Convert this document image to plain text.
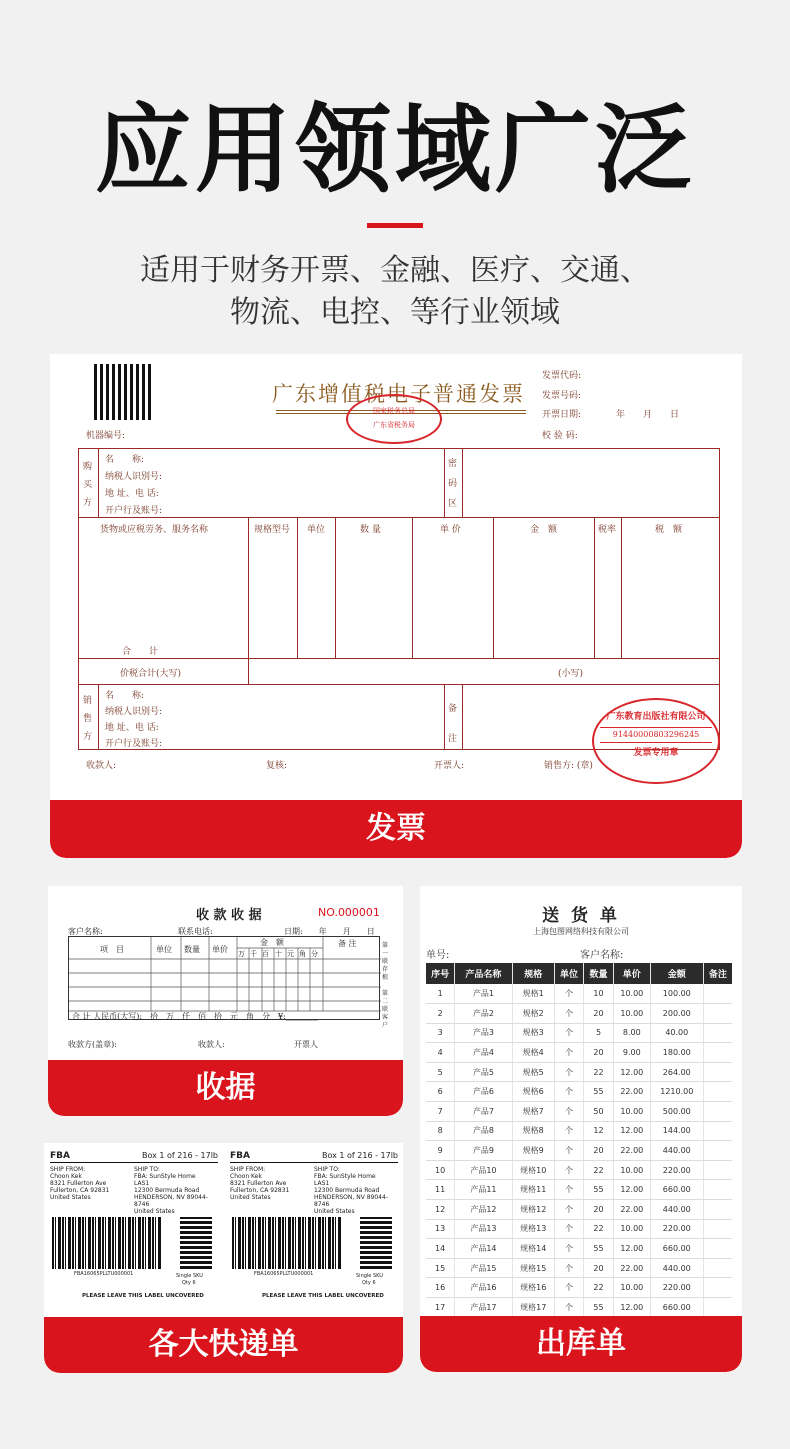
应用领域广泛
适用于财务开票、金融、医疗、交通、
物流、电控、等行业领域
广东增值税电子普通发票
国家税务总局
广东省税务局
机器编号:
发票代码:
发票号码:
开票日期:	年　　月　　日
校 验 码:
购买方
名　　称:
纳税人识别号:
地 址、电 话:
开户行及账号:
密码区
货物或应税劳务、服务名称	规格型号 单位	数 量	单 价	金　额	税率	税　额
合　　计
价税合计(大写)	(小写)
销售方
名　　称:
纳税人识别号:
地 址、电 话:
开户行及账号:
备注
收款人:	复核:	开票人:	销售方: (章)
广东教育出版社有限公司
91440000803296245
发票专用章
发票
收 款 收 据	NO.000001
客户名称:	联系电话:	日期:　　年　　月　　日
项　目	单位 数量 单价
金　额	备 注
万 千 百 十 元 角 分
第一联存根
第二联客户
合 计 人民币(大写):　拾　万　仟　佰　拾　元　角　分　¥:________
收款方(盖章):	收款人:	开票人
收据
FBA	Box 1 of 216 - 17lb
SHIP FROM:
Choon Kek
8321 Fullerton Ave
Fullerton, CA 92831
United States
SHIP TO:
FBA: SunStyle Home
LAS1
12300 Bermuda Road
HENDERSON, NV 89044-8746
United States
FBA16065PLLTU000001	Single SKU
Qty 6
PLEASE LEAVE THIS LABEL UNCOVERED
FBA	Box 1 of 216 - 17lb
SHIP FROM:
Choon Kek
8321 Fullerton Ave
Fullerton, CA 92831
United States
SHIP TO:
FBA: SunStyle Home
LAS1
12300 Bermuda Road
HENDERSON, NV 89044-8746
United States
FBA16065PLLTU000001	Single SKU
Qty 6
PLEASE LEAVE THIS LABEL UNCOVERED
各大快递单
送 货 单
上海包图网络科技有限公司
单号:	客户名称:
序号	产品名称	规格	单位	数量	单价	金额	备注
1	产品1	规格1	个	10	10.00	100.00	
2	产品2	规格2	个	20	10.00	200.00	
3	产品3	规格3	个	5	8.00	40.00	
4	产品4	规格4	个	20	9.00	180.00	
5	产品5	规格5	个	22	12.00	264.00	
6	产品6	规格6	个	55	22.00	1210.00	
7	产品7	规格7	个	50	10.00	500.00	
8	产品8	规格8	个	12	12.00	144.00	
9	产品9	规格9	个	20	22.00	440.00	
10	产品10	规格10	个	22	10.00	220.00	
11	产品11	规格11	个	55	12.00	660.00	
12	产品12	规格12	个	20	22.00	440.00	
13	产品13	规格13	个	22	10.00	220.00	
14	产品14	规格14	个	55	12.00	660.00	
15	产品15	规格15	个	20	22.00	440.00	
16	产品16	规格16	个	22	10.00	220.00	
17	产品17	规格17	个	55	12.00	660.00	
出库单
